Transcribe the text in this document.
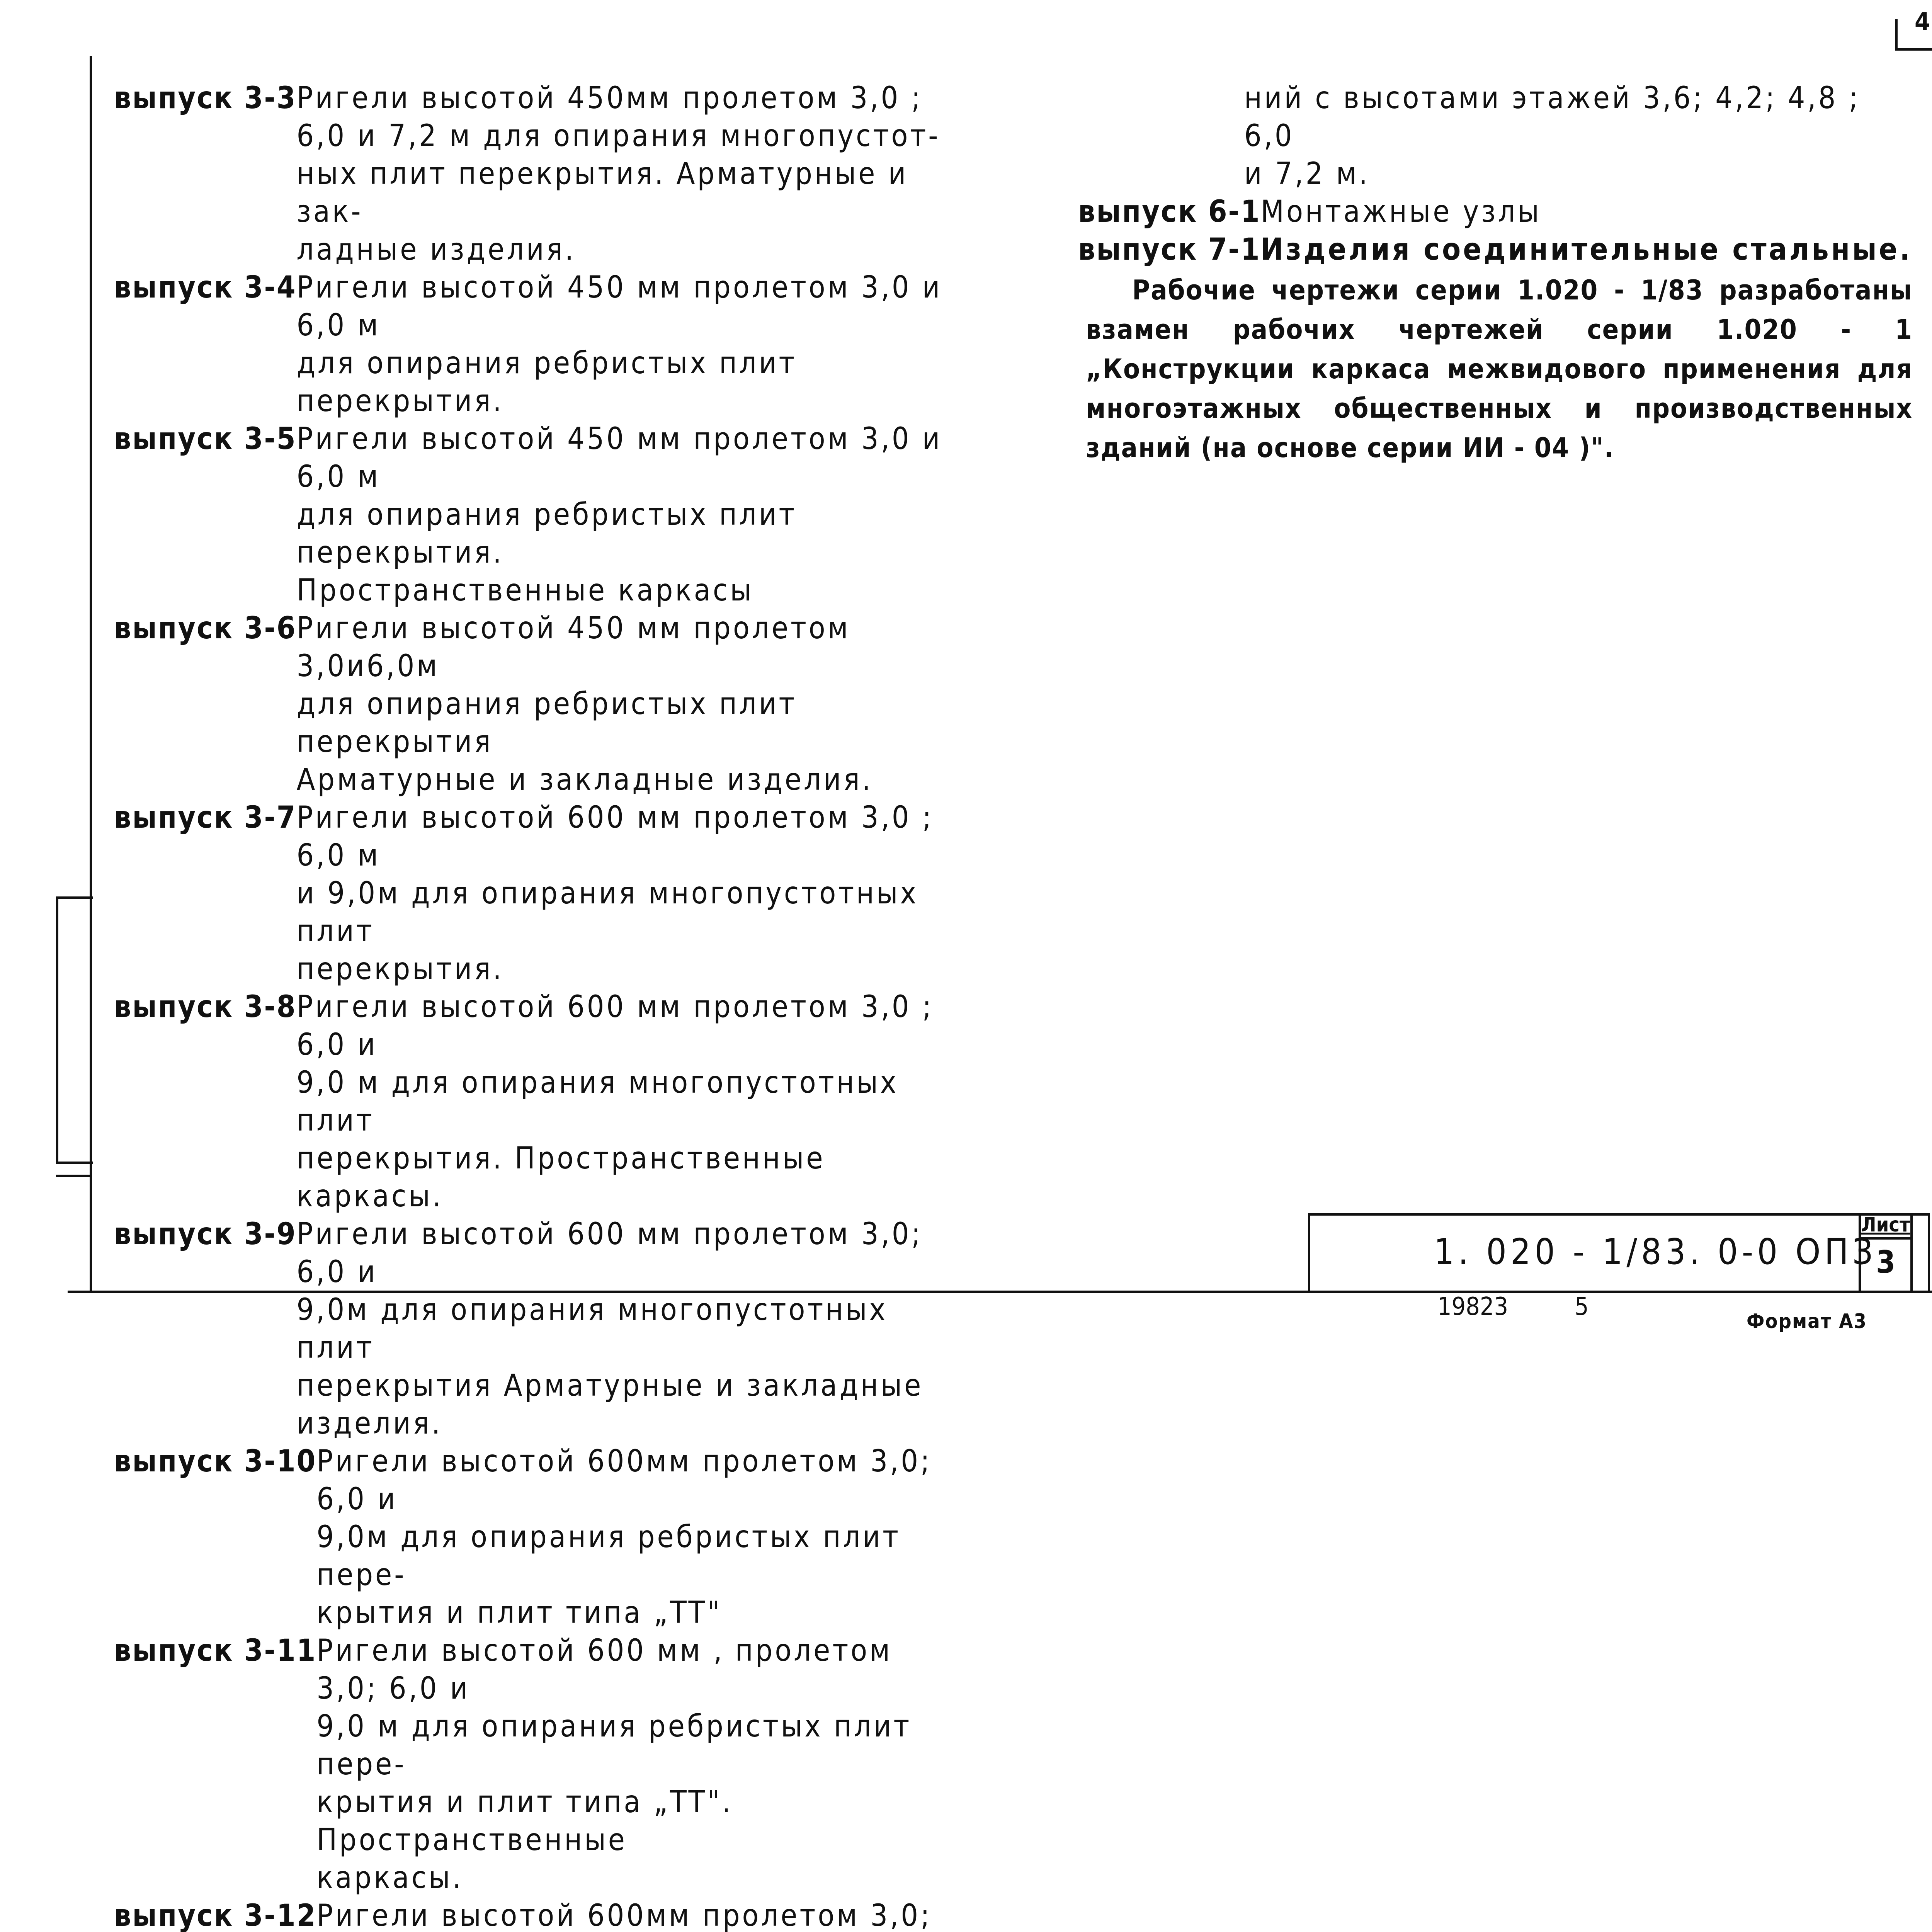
4
выпуск 3-3 Ригели высотой 450мм пролетом 3,0 ;
6,0 и 7,2 м для опирания многопустот-
ных плит перекрытия. Арматурные и зак-
ладные изделия.
выпуск 3-4 Ригели высотой 450 мм пролетом 3,0 и 6,0 м
для опирания ребристых плит перекрытия.
выпуск 3-5 Ригели высотой 450 мм пролетом 3,0 и 6,0 м
для опирания ребристых плит перекрытия.
Пространственные каркасы
выпуск 3-6 Ригели высотой 450 мм пролетом 3,0и6,0м
для опирания ребристых плит перекрытия
Арматурные и закладные изделия.
выпуск 3-7 Ригели высотой 600 мм пролетом 3,0 ; 6,0 м
и 9,0м для опирания многопустотных плит
перекрытия.
выпуск 3-8 Ригели высотой 600 мм пролетом 3,0 ; 6,0 и
9,0 м для опирания многопустотных плит
перекрытия. Пространственные каркасы.
выпуск 3-9 Ригели высотой 600 мм пролетом 3,0; 6,0 и
9,0м для опирания многопустотных плит
перекрытия Арматурные и закладные изделия.
выпуск 3-10 Ригели высотой 600мм пролетом 3,0; 6,0 и
9,0м для опирания ребристых плит пере-
крытия и плит типа „TT"
выпуск 3-11 Ригели высотой 600 мм , пролетом 3,0; 6,0 и
9,0 м для опирания ребристых плит пере-
крытия и плит типа „TT". Пространственные
каркасы.
выпуск 3-12 Ригели высотой 600мм пролетом 3,0;
ний с высотами этажей 3,6; 4,2; 4,8 ; 6,0
и 7,2 м.
выпуск 6-1 Монтажные узлы
выпуск 7-1 Изделия соединительные стальные.
Рабочие чертежи серии 1.020 - 1/83 разработаны взамен рабочих чертежей серии 1.020 - 1 „Конструкции каркаса межвидового применения для многоэтажных общественных и производственных зданий (на основе серии ИИ - 04 )".
1. 020 - 1/83. 0-0 ОПЗ
Лист
3
19823	5
Формат А3
